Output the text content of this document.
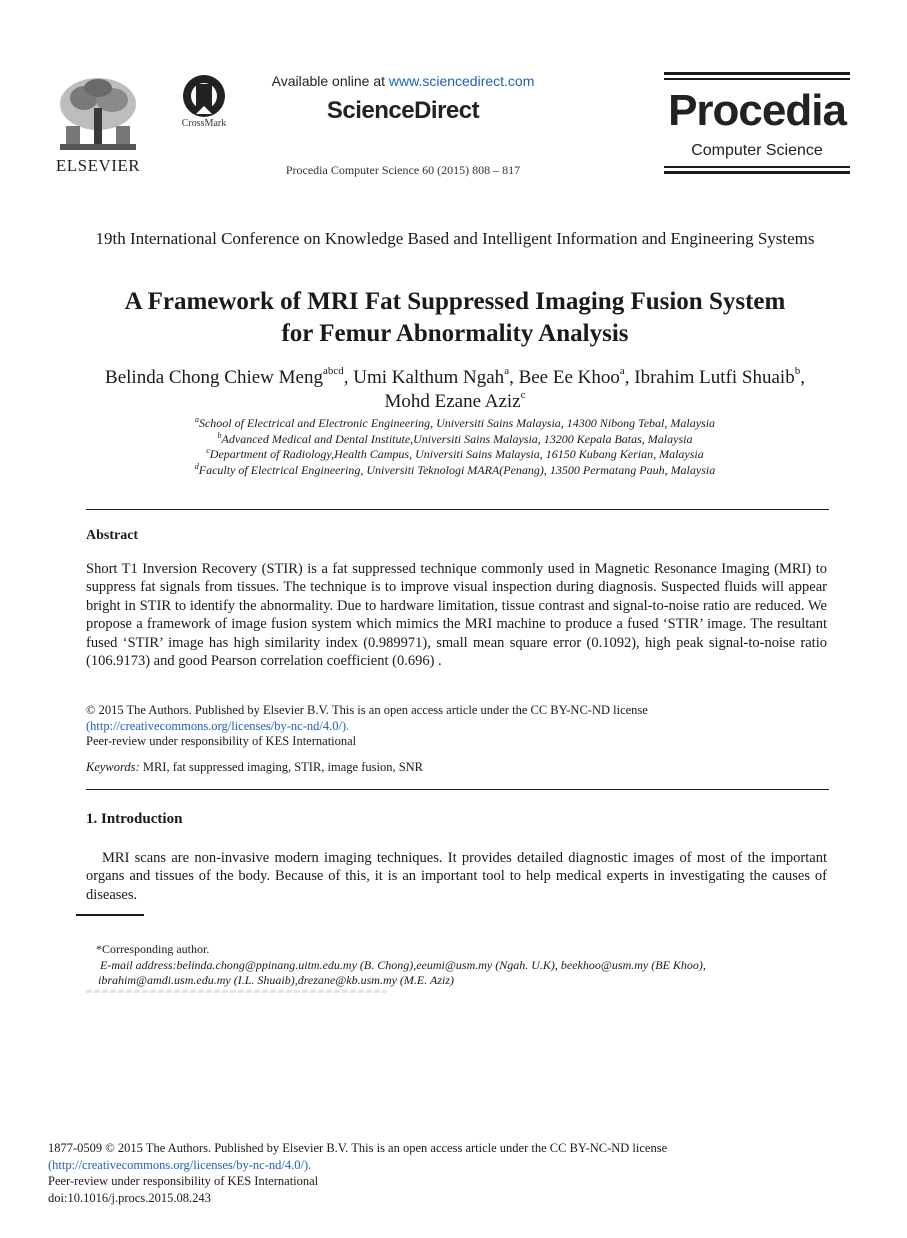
ELSEVIER
CrossMark
Available online at www.sciencedirect.com
ScienceDirect
Procedia Computer Science 60 (2015) 808 – 817
Procedia
Computer Science
19th International Conference on Knowledge Based and Intelligent Information and Engineering Systems
A Framework of MRI Fat Suppressed Imaging Fusion System
for Femur Abnormality Analysis
Belinda Chong Chiew Meng$^{abcd}$, Umi Kalthum Ngah$^a$, Bee Ee Khoo$^a$, Ibrahim Lutfi Shuaib$^b$, Mohd Ezane Aziz$^c$
$^a$School of Electrical and Electronic Engineering, Universiti Sains Malaysia, 14300 Nibong Tebal, Malaysia
$^b$Advanced Medical and Dental Institute,Universiti Sains Malaysia, 13200 Kepala Batas, Malaysia
$^c$Department of Radiology,Health Campus, Universiti Sains Malaysia, 16150 Kubang Kerian, Malaysia
$^d$Faculty of Electrical Engineering, Universiti Teknologi MARA(Penang), 13500 Permatang Pauh, Malaysia
Abstract
Short T1 Inversion Recovery (STIR) is a fat suppressed technique commonly used in Magnetic Resonance Imaging (MRI) to suppress fat signals from tissues. The technique is to improve visual inspection during diagnosis. Suspected fluids will appear bright in STIR to identify the abnormality. Due to hardware limitation, tissue contrast and signal-to-noise ratio are reduced. We propose a framework of image fusion system which mimics the MRI machine to produce a fused ‘STIR’ image. The resultant fused ‘STIR’ image has high similarity index (0.989971), small mean square error (0.1092), high peak signal-to-noise ratio (106.9173) and good Pearson correlation coefficient (0.696) .
© 2015 The Authors. Published by Elsevier B.V. This is an open access article under the CC BY-NC-ND license
(http://creativecommons.org/licenses/by-nc-nd/4.0/).
Peer-review under responsibility of KES International
Keywords: MRI, fat suppressed imaging, STIR, image fusion, SNR
1. Introduction
MRI scans are non-invasive modern imaging techniques. It provides detailed diagnostic images of most of the important organs and tissues of the body. Because of this, it is an important tool to help medical experts in investigating the causes of diseases.
*Corresponding author.
E-mail address:belinda.chong@ppinang.uitm.edu.my (B. Chong),eeumi@usm.my (Ngah. U.K), beekhoo@usm.my (BE Khoo),
ibrahim@amdi.usm.edu.my (I.L. Shuaib),drezane@kb.usm.my (M.E. Aziz)
1877-0509 © 2015 The Authors. Published by Elsevier B.V. This is an open access article under the CC BY-NC-ND license
(http://creativecommons.org/licenses/by-nc-nd/4.0/).
Peer-review under responsibility of KES International
doi:10.1016/j.procs.2015.08.243
